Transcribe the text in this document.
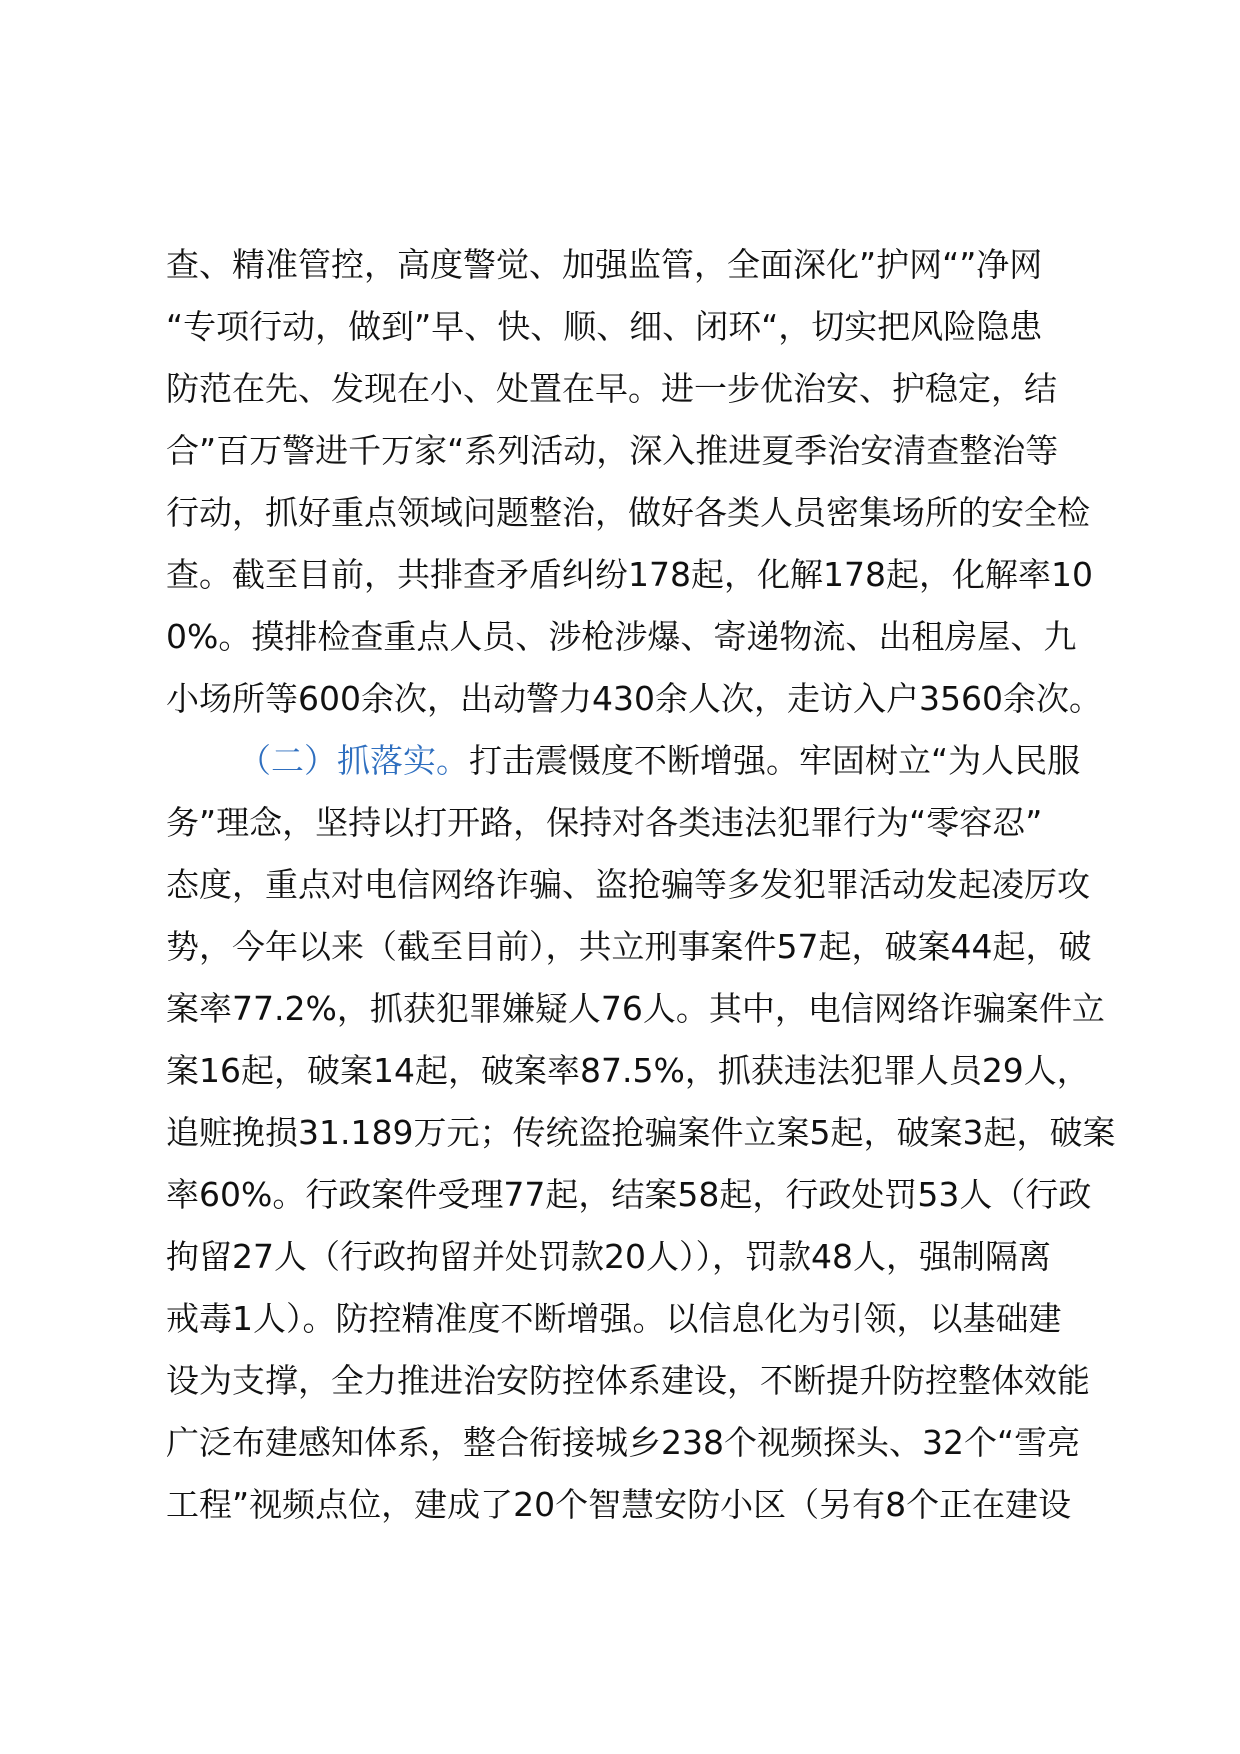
查、精准管控，高度警觉、加强监管，全面深化”护网“”净网
“专项行动，做到”早、快、顺、细、闭环“，切实把风险隐患
防范在先、发现在小、处置在早。进一步优治安、护稳定，结
合”百万警进千万家“系列活动，深入推进夏季治安清查整治等
行动，抓好重点领域问题整治，做好各类人员密集场所的安全检
查。截至目前，共排查矛盾纠纷178起，化解178起，化解率10
0%。摸排检查重点人员、涉枪涉爆、寄递物流、出租房屋、九
小场所等600余次，出动警力430余人次，走访入户3560余次。
（二）抓落实。打击震慑度不断增强。牢固树立“为人民服
务”理念，坚持以打开路，保持对各类违法犯罪行为“零容忍”
态度，重点对电信网络诈骗、盗抢骗等多发犯罪活动发起凌厉攻
势，今年以来（截至目前），共立刑事案件57起，破案44起，破
案率77.2%，抓获犯罪嫌疑人76人。其中，电信网络诈骗案件立
案16起，破案14起，破案率87.5%，抓获违法犯罪人员29人，
追赃挽损31.189万元；传统盗抢骗案件立案5起，破案3起，破案
率60%。行政案件受理77起，结案58起，行政处罚53人（行政
拘留27人（行政拘留并处罚款20人）），罚款48人，强制隔离
戒毒1人）。防控精准度不断增强。以信息化为引领，以基础建
设为支撑，全力推进治安防控体系建设，不断提升防控整体效能
广泛布建感知体系，整合衔接城乡238个视频探头、32个“雪亮
工程”视频点位，建成了20个智慧安防小区（另有8个正在建设
